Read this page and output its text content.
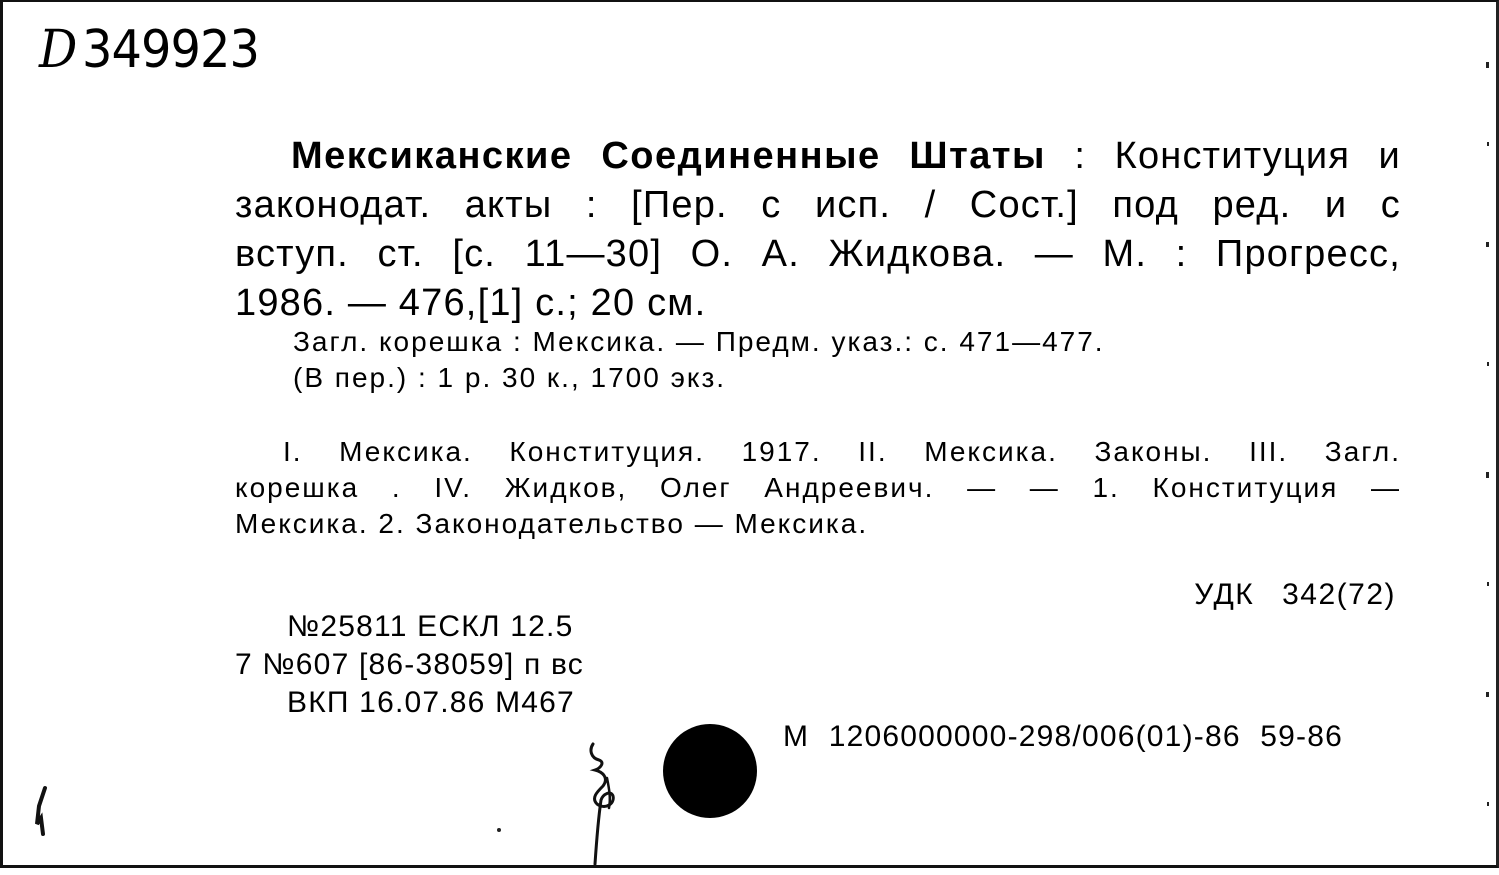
D 349923
Мексиканские Соединенные Штаты : Конституция и
законодат. акты : [Пер. с исп. / Сост.] под ред. и с
вступ. ст. [с. 11—30] О. А. Жидкова. — М. : Прогресс,
1986. — 476,[1] с.; 20 см.
Загл. корешка : Мексика. — Предм. указ.: с. 471—477.
(В пер.) : 1 р. 30 к., 1700 экз.
I. Мексика. Конституция. 1917. II. Мексика. Законы. III. Загл.
корешка . IV. Жидков, Олег Андреевич. — — 1. Конституция —
Мексика. 2. Законодательство — Мексика.
УДК 342(72)
№25811 ЕСКЛ 12.5
7 №607 [86-38059] п вс
ВКП 16.07.86 М467
М 1206000000-298/006(01)-86 59-86
